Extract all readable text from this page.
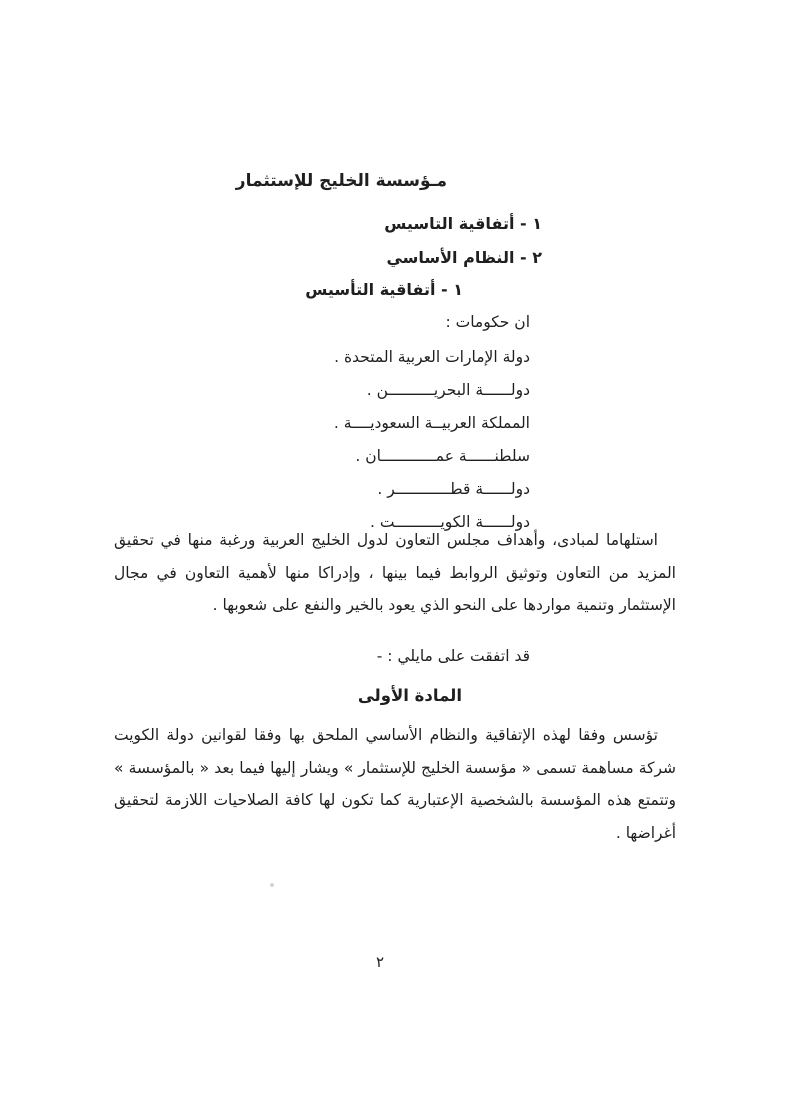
مـؤسسة الخليج للإستثمار
١ - أتفاقية التاسيس
٢ - النظام الأساسي
١ - أتفاقية التأسيس
ان حكومات :
دولة الإمارات العربية المتحدة .
دولــــــة البحريــــــــــن .
المملكة العربيــة السعوديــــة .
سلطنــــــة عمــــــــــــان .
دولــــــة قطــــــــــــر .
دولــــــة الكويــــــــــت .

استلهاما لمبادى، وأهداف مجلس التعاون لدول الخليج العربية ورغبة منها في تحقيق المزيد من التعاون وتوثيق الروابط فيما بينها ، وإدراكا منها لأهمية التعاون في مجال الإستثمار وتنمية مواردها على النحو الذي يعود بالخير والنفع على شعوبها .

قد اتفقت على مايلي : -
المادة الأولى

تؤسس وفقا لهذه الإتفاقية والنظام الأساسي الملحق بها وفقا لقوانين دولة الكويت شركة مساهمة تسمى « مؤسسة الخليج للإستثمار » ويشار إليها فيما بعد « بالمؤسسة » وتتمتع هذه المؤسسة بالشخصية الإعتبارية كما تكون لها كافة الصلاحيات اللازمة لتحقيق أغراضها .

٢
